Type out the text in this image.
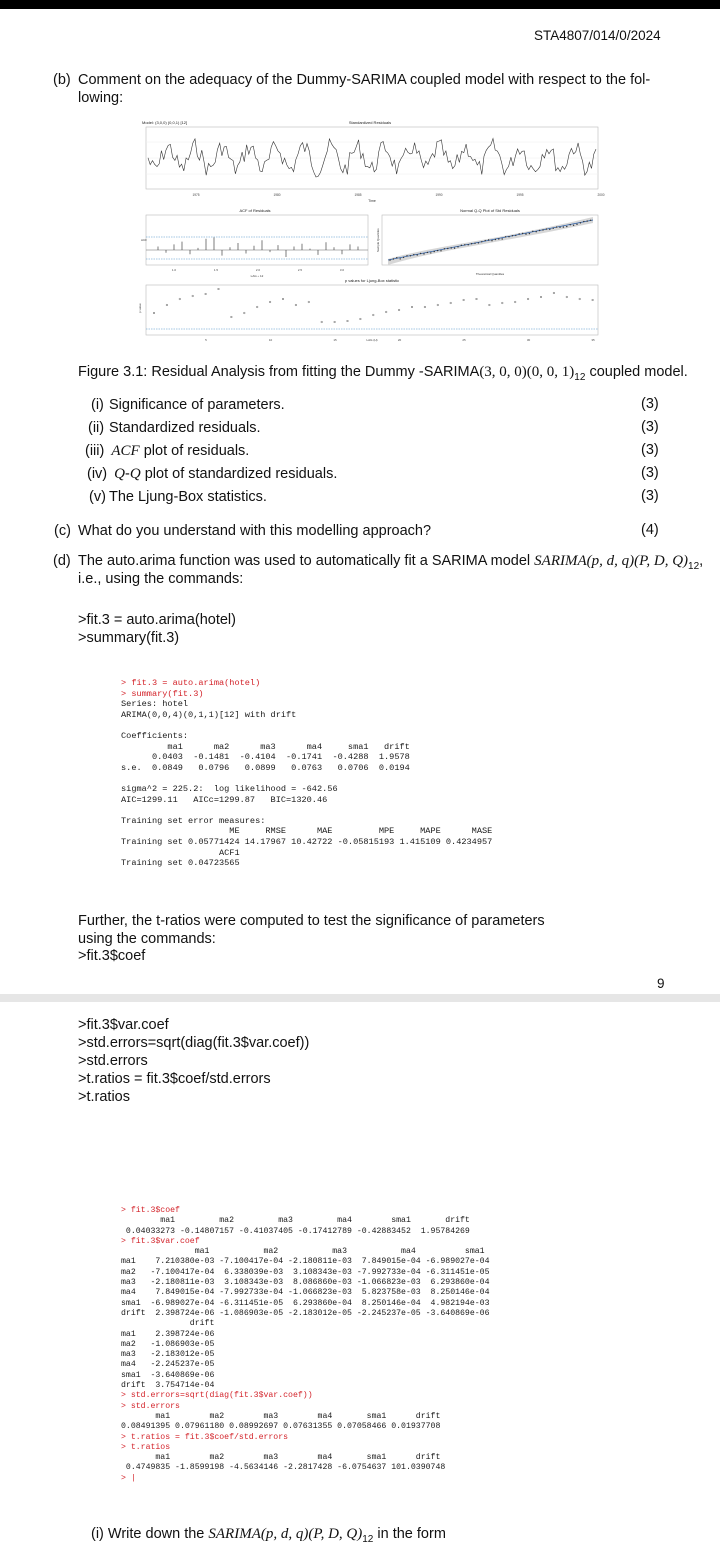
STA4807/014/0/2024
(b) Comment on the adequacy of the Dummy-SARIMA coupled model with respect to the fol-
lowing:
Model: (3,0,0) (0,0,1) [12]	Standardized Residuals
1975	1980	1985	1990	1995	2000
Time
ACF of Residuals
ACF
1.0	1.5	2.0	2.5	3.0
LAG ÷ 12
Normal Q-Q Plot of Std Residuals
Sample Quantiles
Theoretical Quantiles
p values for Ljung-Box statistic
p value
5	10	15	20	25	30	35
LAG (H)
Figure 3.1: Residual Analysis from fitting the Dummy -SARIMA(3, 0, 0)(0, 0, $1)_{12}$ coupled model.
(i) Significance of parameters.	(3)
(ii) Standardized residuals.	(3)
(iii) ACF plot of residuals.	(3)
(iv) Q-Q plot of standardized residuals.	(3)
(v) The Ljung-Box statistics.	(3)
(c) What do you understand with this modelling approach?	(4)
(d) The auto.arima function was used to automatically fit a SARIMA model SARIMA(p, d, q)(P, D, $Q)_{12}$,
i.e., using the commands:
>fit.3 = auto.arima(hotel)
>summary(fit.3)
> fit.3 = auto.arima(hotel)
> summary(fit.3)
Series: hotel
ARIMA(0,0,4)(0,1,1)[12] with drift

Coefficients:
ma1      ma2      ma3      ma4     sma1   drift
0.0403  -0.1481  -0.4104  -0.1741  -0.4288  1.9578
s.e.  0.0849   0.0796   0.0899   0.0763   0.0706  0.0194

sigma^2 = 225.2:  log likelihood = -642.56
AIC=1299.11   AICc=1299.87   BIC=1320.46

Training set error measures:
ME     RMSE      MAE         MPE     MAPE      MASE
Training set 0.05771424 14.17967 10.42722 -0.05815193 1.415109 0.4234957
ACF1
Training set 0.04723565
Further, the t-ratios were computed to test the significance of parameters
using the commands:
>fit.3$coef
9
>fit.3$var.coef
>std.errors=sqrt(diag(fit.3$var.coef))
>std.errors
>t.ratios = fit.3$coef/std.errors
>t.ratios
> fit.3$coef
ma1         ma2         ma3         ma4        sma1       drift
0.04033273 -0.14807157 -0.41037405 -0.17412789 -0.42883452  1.95784269
> fit.3$var.coef
ma1           ma2           ma3           ma4          sma1
ma1    7.210380e-03 -7.100417e-04 -2.180811e-03  7.849015e-04 -6.989027e-04
ma2   -7.100417e-04  6.338039e-03  3.108343e-03 -7.992733e-04 -6.311451e-05
ma3   -2.180811e-03  3.108343e-03  8.086860e-03 -1.066823e-03  6.293860e-04
ma4    7.849015e-04 -7.992733e-04 -1.066823e-03  5.823758e-03  8.250146e-04
sma1  -6.989027e-04 -6.311451e-05  6.293860e-04  8.250146e-04  4.982194e-03
drift  2.398724e-06 -1.086903e-05 -2.183012e-05 -2.245237e-05 -3.640869e-06
drift
ma1    2.398724e-06
ma2   -1.086903e-05
ma3   -2.183012e-05
ma4   -2.245237e-05
sma1  -3.640869e-06
drift  3.754714e-04
> std.errors=sqrt(diag(fit.3$var.coef))
> std.errors
ma1        ma2        ma3        ma4       sma1      drift
0.08491395 0.07961180 0.08992697 0.07631355 0.07058466 0.01937708
> t.ratios = fit.3$coef/std.errors
> t.ratios
ma1        ma2        ma3        ma4       sma1      drift
0.4749835 -1.8599198 -4.5634146 -2.2817428 -6.0754637 101.0390748
> |
(i) Write down the SARIMA(p, d, q)(P, D, $Q)_{12}$ in the form
